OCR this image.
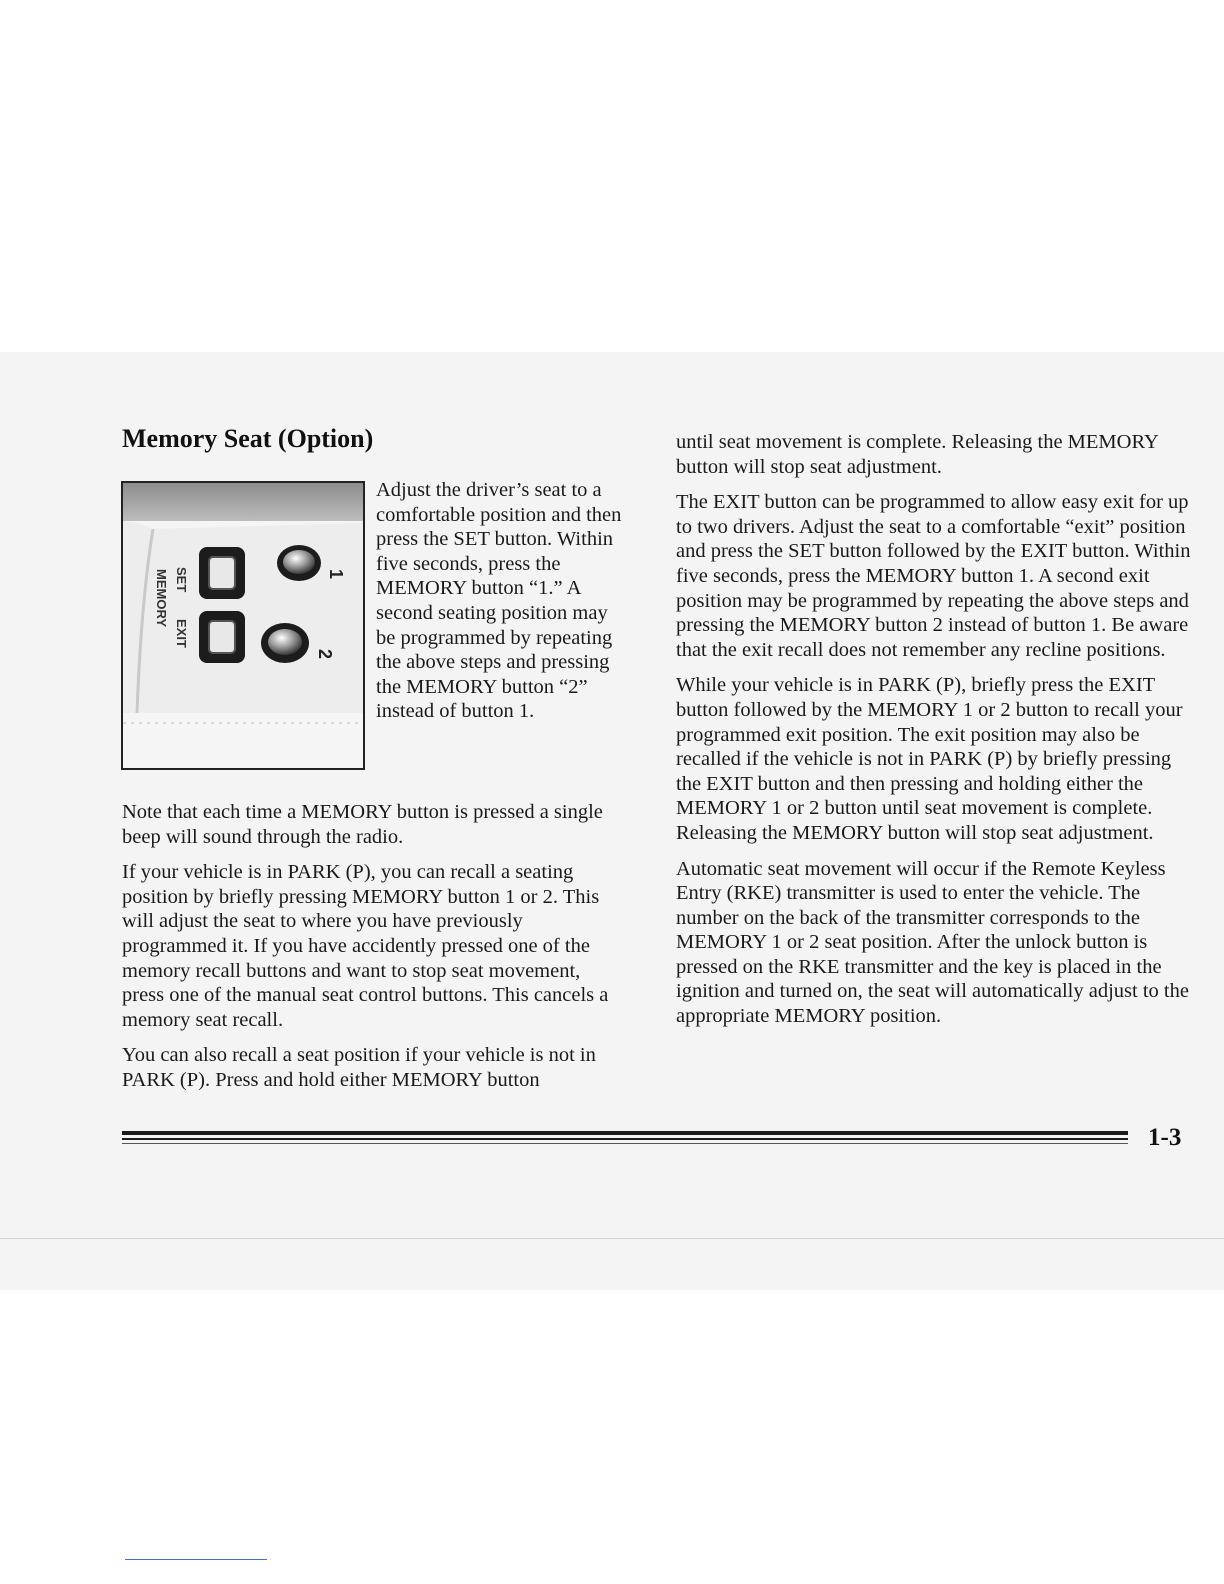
Memory Seat (Option)
MEMORY SET
EXIT
1
2

Adjust the driver’s seat to a comfortable position and then press the SET button. Within five seconds, press the MEMORY button “1.” A second seating position may be programmed by repeating the above steps and pressing the MEMORY button “2” instead of button 1.

Note that each time a MEMORY button is pressed a single beep will sound through the radio.

If your vehicle is in PARK (P), you can recall a seating position by briefly pressing MEMORY button 1 or 2. This will adjust the seat to where you have previously programmed it. If you have accidently pressed one of the memory recall buttons and want to stop seat movement, press one of the manual seat control buttons. This cancels a memory seat recall.

You can also recall a seat position if your vehicle is not in PARK (P). Press and hold either MEMORY button

until seat movement is complete. Releasing the MEMORY button will stop seat adjustment.

The EXIT button can be programmed to allow easy exit for up to two drivers. Adjust the seat to a comfortable “exit” position and press the SET button followed by the EXIT button. Within five seconds, press the MEMORY button 1. A second exit position may be programmed by repeating the above steps and pressing the MEMORY button 2 instead of button 1. Be aware that the exit recall does not remember any recline positions.

While your vehicle is in PARK (P), briefly press the EXIT button followed by the MEMORY 1 or 2 button to recall your programmed exit position. The exit position may also be recalled if the vehicle is not in PARK (P) by briefly pressing the EXIT button and then pressing and holding either the MEMORY 1 or 2 button until seat movement is complete. Releasing the MEMORY button will stop seat adjustment.

Automatic seat movement will occur if the Remote Keyless Entry (RKE) transmitter is used to enter the vehicle. The number on the back of the transmitter corresponds to the MEMORY 1 or 2 seat position. After the unlock button is pressed on the RKE transmitter and the key is placed in the ignition and turned on, the seat will automatically adjust to the appropriate MEMORY position.

1-3
